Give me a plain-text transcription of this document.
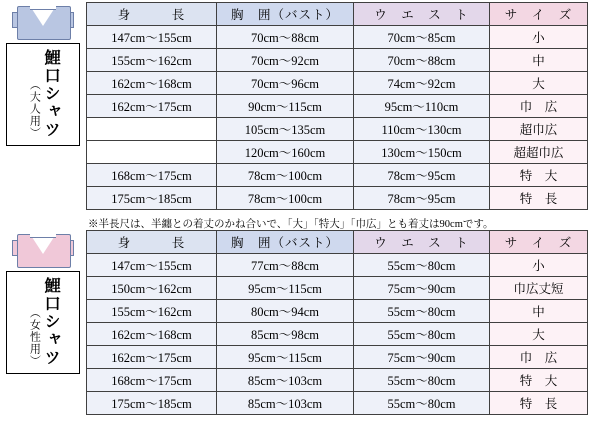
鯉口シャツ
（大人用）
身　　　長	胸　囲（バスト）	ウ　エ　ス　ト	サ　イ　ズ
147cm〜155cm	70cm〜88cm	70cm〜85cm	小
155cm〜162cm	70cm〜92cm	70cm〜88cm	中
162cm〜168cm	70cm〜96cm	74cm〜92cm	大
162cm〜175cm	90cm〜115cm	95cm〜110cm	巾　広
	105cm〜135cm	110cm〜130cm	超巾広
	120cm〜160cm	130cm〜150cm	超超巾広
168cm〜175cm	78cm〜100cm	78cm〜95cm	特　大
175cm〜185cm	78cm〜100cm	78cm〜95cm	特　長
※半長尺は、半纏との着丈のかね合いで、「大」「特大」「巾広」とも着丈は90cmです。
鯉口シャツ
（女性用）
身　　　長	胸　囲（バスト）	ウ　エ　ス　ト	サ　イ　ズ
147cm〜155cm	77cm〜88cm	55cm〜80cm	小
150cm〜162cm	95cm〜115cm	75cm〜90cm	巾広丈短
155cm〜162cm	80cm〜94cm	55cm〜80cm	中
162cm〜168cm	85cm〜98cm	55cm〜80cm	大
162cm〜175cm	95cm〜115cm	75cm〜90cm	巾　広
168cm〜175cm	85cm〜103cm	55cm〜80cm	特　大
175cm〜185cm	85cm〜103cm	55cm〜80cm	特　長
